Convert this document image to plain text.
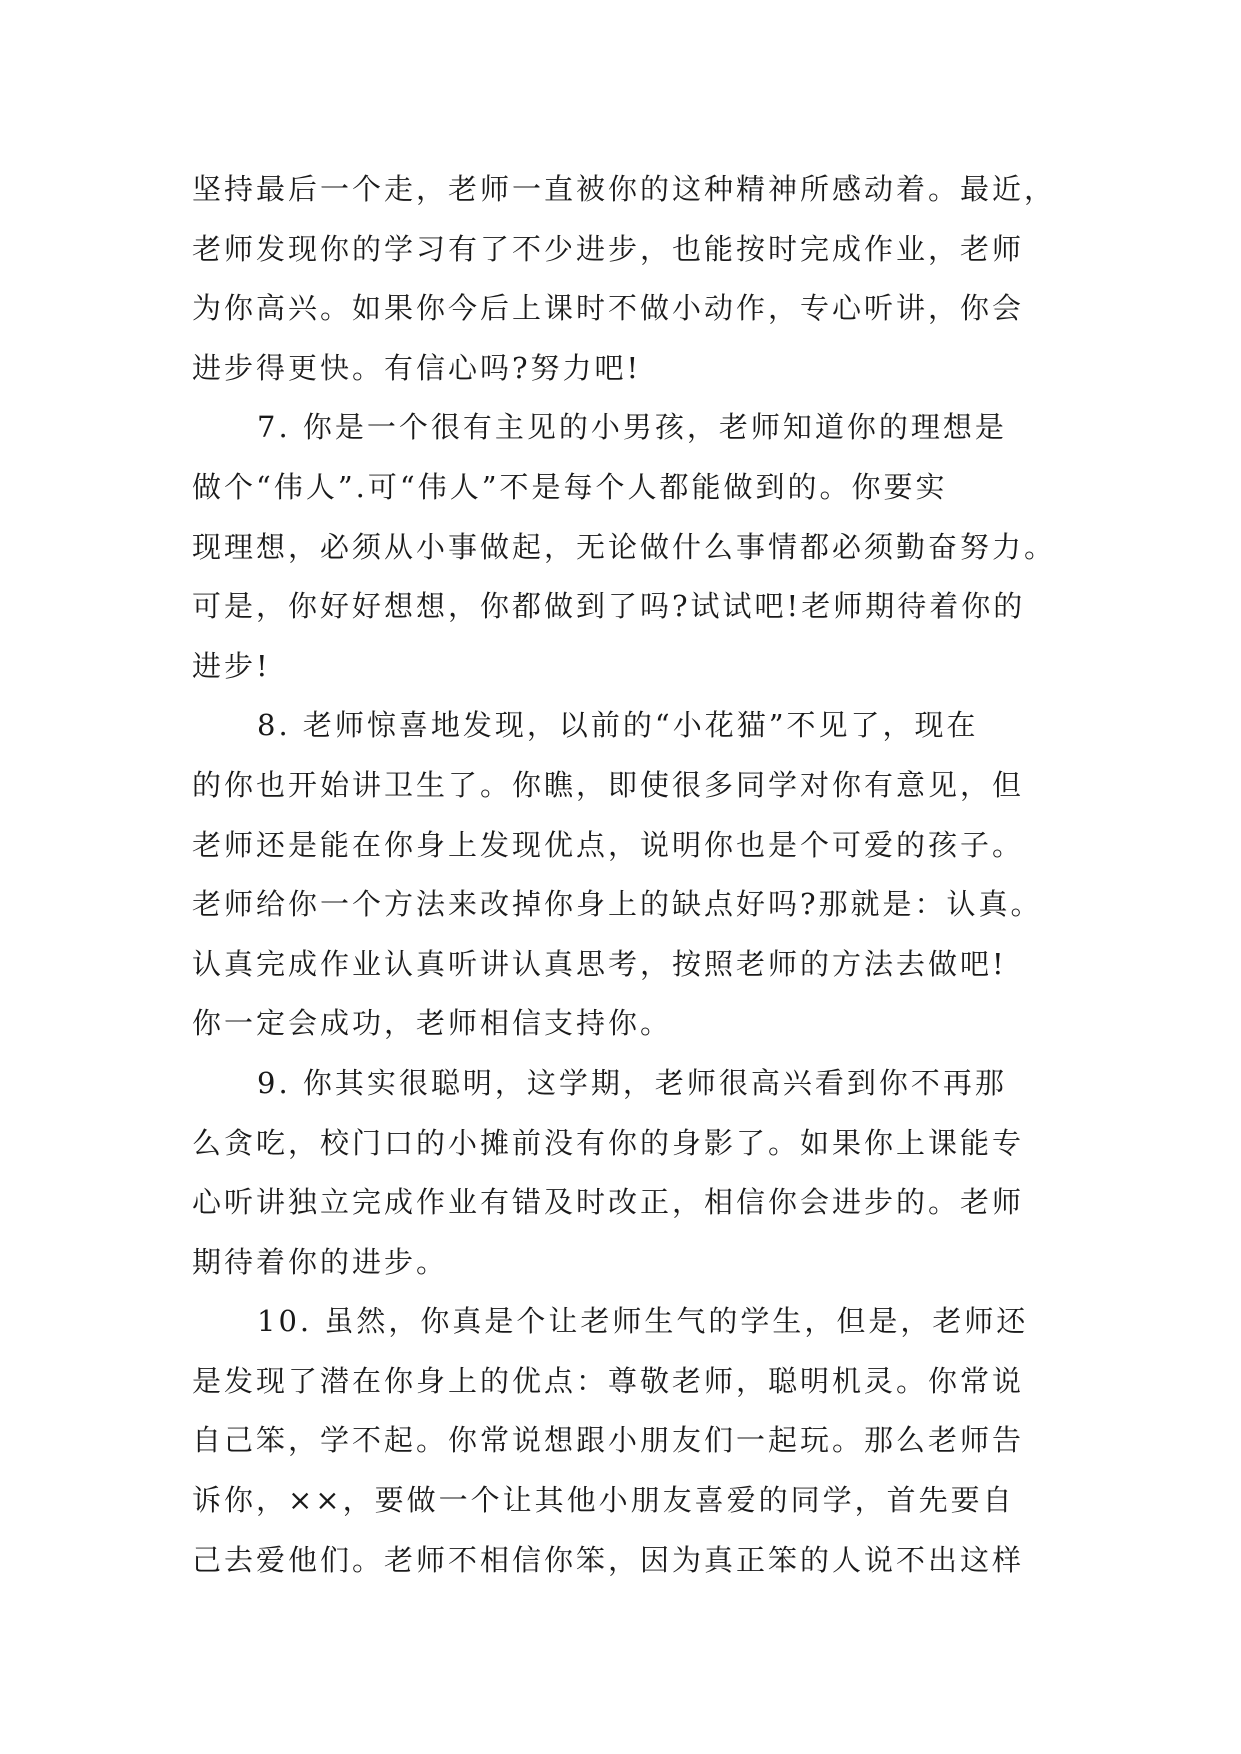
坚持最后一个走，老师一直被你的这种精神所感动着。最近，
老师发现你的学习有了不少进步，也能按时完成作业，老师
为你高兴。如果你今后上课时不做小动作，专心听讲，你会
进步得更快。有信心吗?努力吧!
7. 你是一个很有主见的小男孩，老师知道你的理想是
做个“伟人”.可“伟人”不是每个人都能做到的。你要实
现理想，必须从小事做起，无论做什么事情都必须勤奋努力。
可是，你好好想想，你都做到了吗?试试吧!老师期待着你的
进步!
8. 老师惊喜地发现，以前的“小花猫”不见了，现在
的你也开始讲卫生了。你瞧，即使很多同学对你有意见，但
老师还是能在你身上发现优点，说明你也是个可爱的孩子。
老师给你一个方法来改掉你身上的缺点好吗?那就是：认真。
认真完成作业认真听讲认真思考，按照老师的方法去做吧!
你一定会成功，老师相信支持你。
9. 你其实很聪明，这学期，老师很高兴看到你不再那
么贪吃，校门口的小摊前没有你的身影了。如果你上课能专
心听讲独立完成作业有错及时改正，相信你会进步的。老师
期待着你的进步。
10. 虽然，你真是个让老师生气的学生，但是，老师还
是发现了潜在你身上的优点：尊敬老师，聪明机灵。你常说
自己笨，学不起。你常说想跟小朋友们一起玩。那么老师告
诉你，××，要做一个让其他小朋友喜爱的同学，首先要自
己去爱他们。老师不相信你笨，因为真正笨的人说不出这样
